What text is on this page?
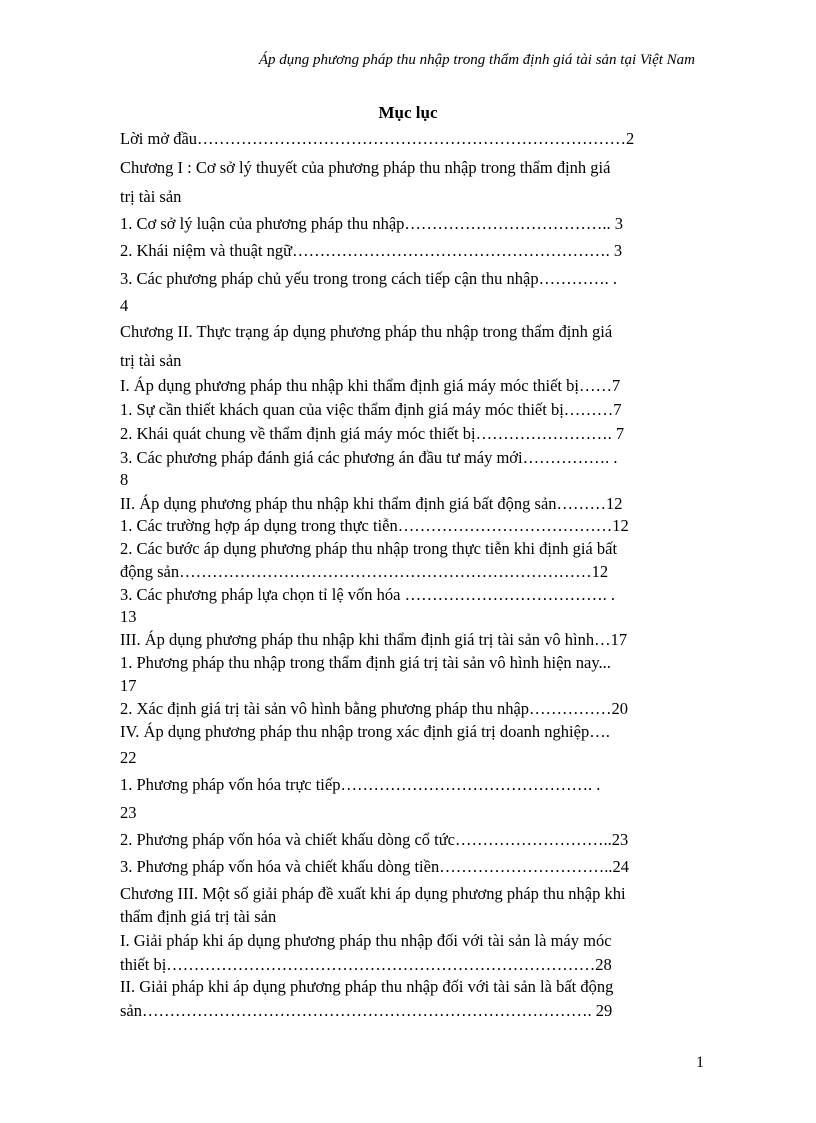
Áp dụng phương pháp thu nhập trong thẩm định giá tài sản tại Việt Nam
Mục lục
Lời mở đầu……………………………………………………………………2
Chương I : Cơ sở lý thuyết của phương pháp thu nhập trong thẩm định giá
trị tài sản
1. Cơ sở lý luận của phương pháp thu nhập……………………………….. 3
2. Khái niệm và thuật ngữ…………………………………………………. 3
3. Các phương pháp chủ yếu trong trong cách tiếp cận thu nhập…………. .
4
Chương II. Thực trạng áp dụng phương pháp thu nhập trong thẩm định giá
trị tài sản
I. Áp dụng phương pháp thu nhập khi thẩm định giá máy móc thiết bị……7
1. Sự cần thiết khách quan của việc thẩm định giá máy móc thiết bị………7
2. Khái quát chung về thẩm định giá máy móc thiết bị……………………. 7
3. Các phương pháp đánh giá các phương án đầu tư máy mới……………. .
8
II. Áp dụng phương pháp thu nhập khi thẩm định giá bất động sản………12
1. Các trường hợp áp dụng trong thực tiễn…………………………………12
2. Các bước áp dụng phương pháp thu nhập trong thực tiễn khi định giá bất
động sản…………………………………………………………………12
3. Các phương pháp lựa chọn tỉ lệ vốn hóa ………………………………. .
13
III. Áp dụng phương pháp thu nhập khi thẩm định giá trị tài sản vô hình…17
1. Phương pháp thu nhập trong thẩm định giá trị tài sản vô hình hiện nay...
17
2. Xác định giá trị tài sản vô hình bằng phương pháp thu nhập……………20
IV. Áp dụng phương pháp thu nhập trong xác định giá trị doanh nghiệp….
22
1. Phương pháp vốn hóa trực tiếp………………………………………. .
23
2. Phương pháp vốn hóa và chiết khấu dòng cổ tức………………………..23
3. Phương pháp vốn hóa và chiết khấu dòng tiền…………………………..24
Chương III. Một số giải pháp đề xuất khi áp dụng phương pháp thu nhập khi
thẩm định giá trị tài sản
I. Giải pháp khi áp dụng phương pháp thu nhập đối với tài sản là máy móc
thiết bị……………………………………………………………………28
II. Giải pháp khi áp dụng phương pháp thu nhập đối với tài sản là bất động
sản………………………………………………………………………. 29
1
